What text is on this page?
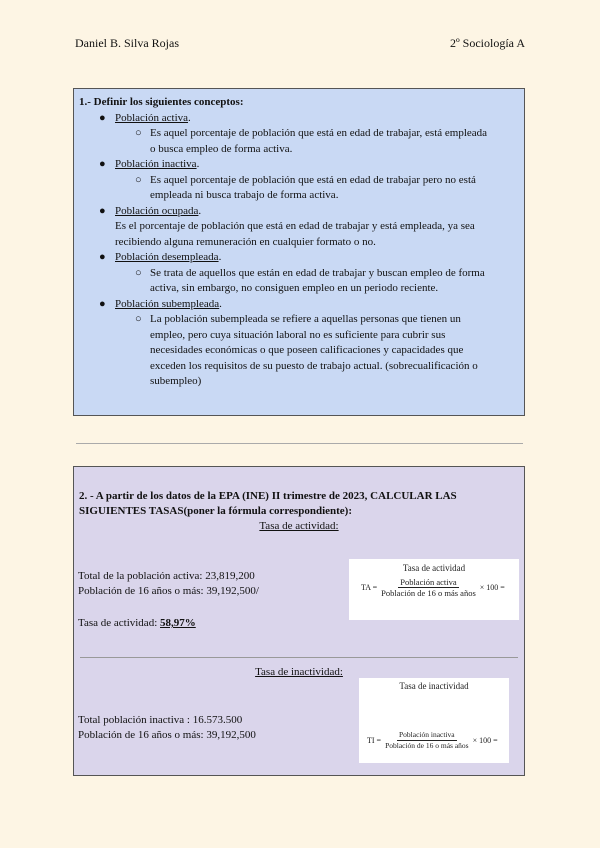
Daniel B. Silva Rojas	2º Sociología A
1.- Definir los siguientes conceptos:
● Población activa.
○ Es aquel porcentaje de población que está en edad de trabajar, está empleada
o busca empleo de forma activa.
● Población inactiva.
○ Es aquel porcentaje de población que está en edad de trabajar pero no está
empleada ni busca trabajo de forma activa.
● Población ocupada.
Es el porcentaje de población que está en edad de trabajar y está empleada, ya sea
recibiendo alguna remuneración en cualquier formato o no.
● Población desempleada.
○ Se trata de aquellos que están en edad de trabajar y buscan empleo de forma
activa, sin embargo, no consiguen empleo en un periodo reciente.
● Población subempleada.
○ La población subempleada se refiere a aquellas personas que tienen un
empleo, pero cuya situación laboral no es suficiente para cubrir sus
necesidades económicas o que poseen calificaciones y capacidades que
exceden los requisitos de su puesto de trabajo actual. (sobrecualificación o
subempleo)
2. - A partir de los datos de la EPA (INE) II trimestre de 2023, CALCULAR LAS
SIGUIENTES TASAS(poner la fórmula correspondiente):
Tasa de actividad:
Total de la población activa: 23,819,200
Población de 16 años o más: 39,192,500/
Tasa de actividad: 58,97%
Tasa de actividad
TA = $\frac{\text{Población activa}}{\text{Población de 16 o más años}} \times 100$ =
Tasa de inactividad:
Total población inactiva : 16.573.500
Población de 16 años o más: 39,192,500
Tasa de inactividad
TI = $\frac{\text{Población inactiva}}{\text{Población de 16 o más años}} \times 100$ =
